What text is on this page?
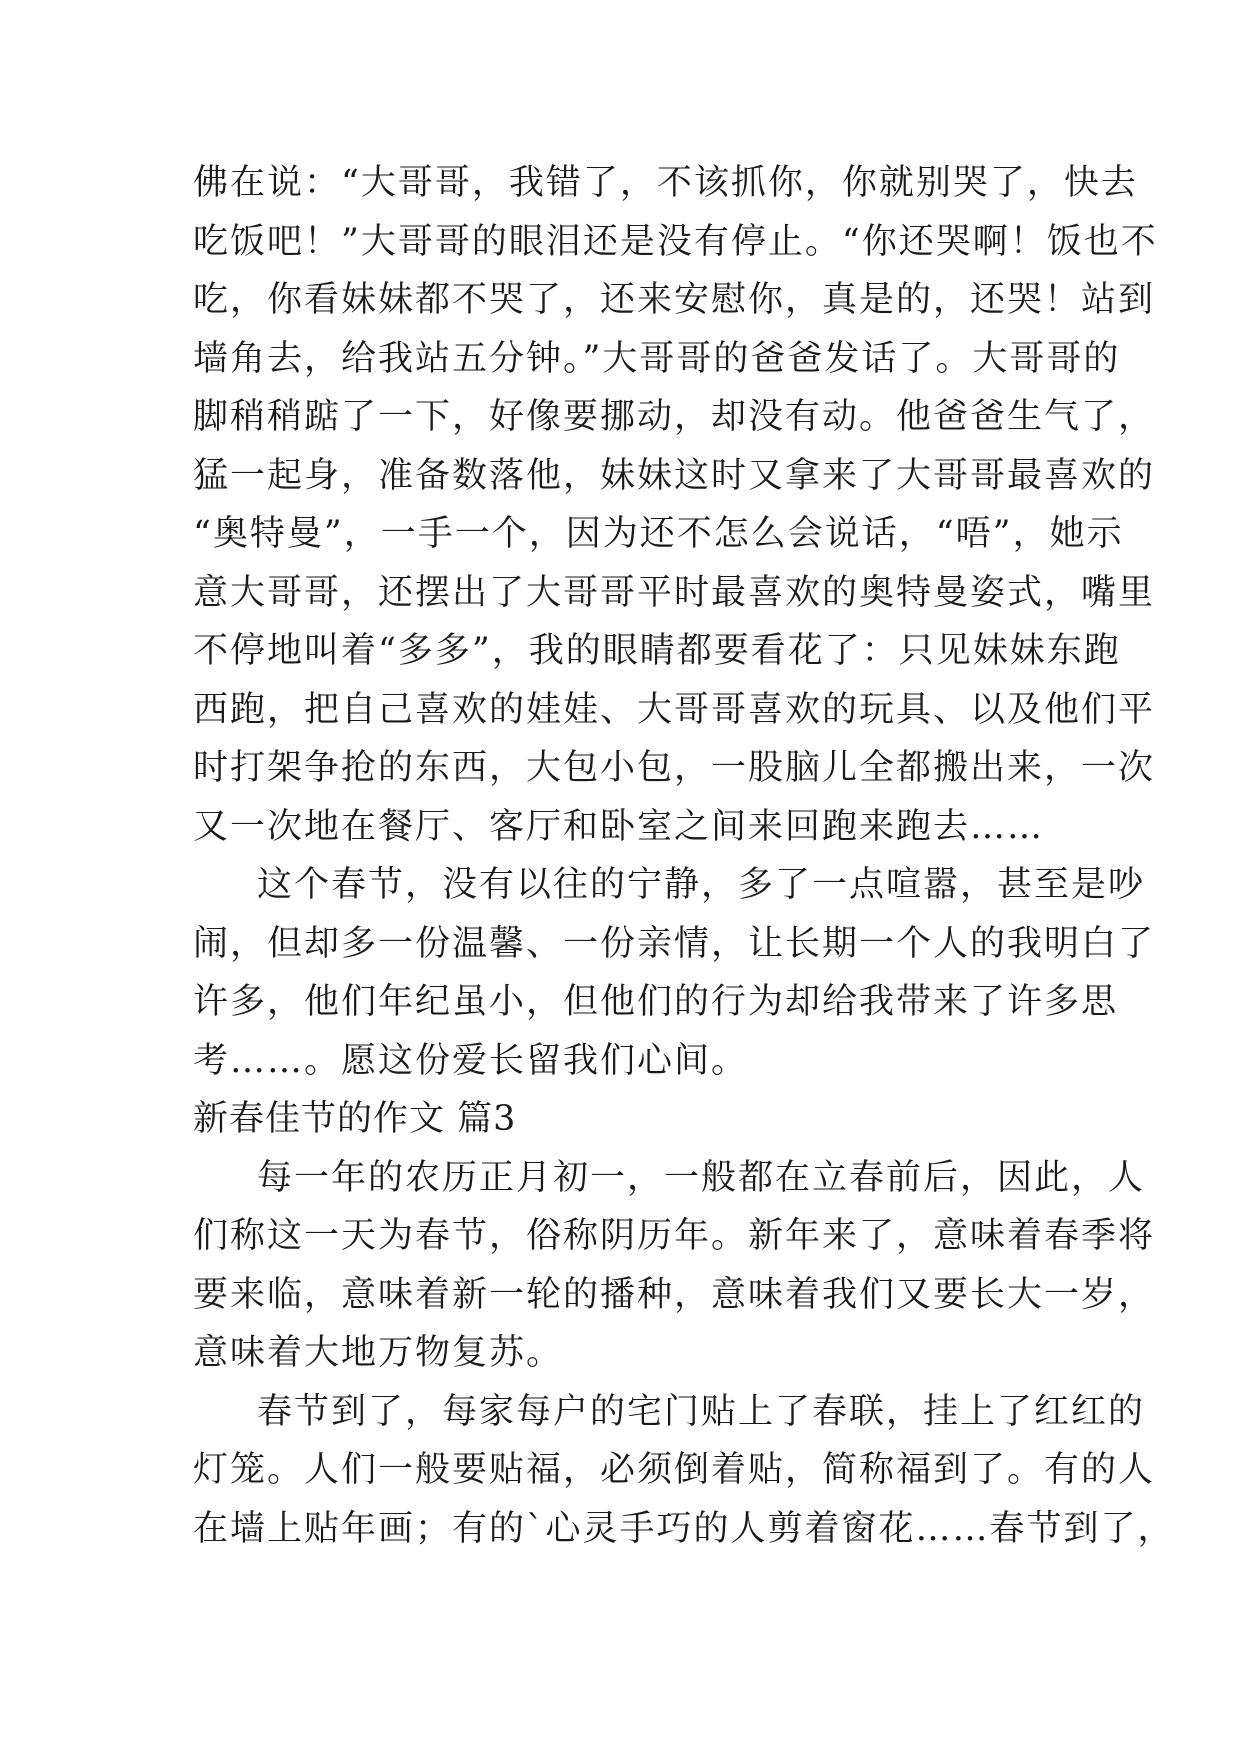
佛在说：“大哥哥，我错了，不该抓你，你就别哭了，快去
吃饭吧！”大哥哥的眼泪还是没有停止。“你还哭啊！饭也不
吃，你看妹妹都不哭了，还来安慰你，真是的，还哭！站到
墙角去，给我站五分钟。”大哥哥的爸爸发话了。大哥哥的
脚稍稍踮了一下，好像要挪动，却没有动。他爸爸生气了，
猛一起身，准备数落他，妹妹这时又拿来了大哥哥最喜欢的
“奥特曼”，一手一个，因为还不怎么会说话，“唔”，她示
意大哥哥，还摆出了大哥哥平时最喜欢的奥特曼姿式，嘴里
不停地叫着“多多”，我的眼睛都要看花了：只见妹妹东跑
西跑，把自己喜欢的娃娃、大哥哥喜欢的玩具、以及他们平
时打架争抢的东西，大包小包，一股脑儿全都搬出来，一次
又一次地在餐厅、客厅和卧室之间来回跑来跑去……
这个春节，没有以往的宁静，多了一点喧嚣，甚至是吵
闹，但却多一份温馨、一份亲情，让长期一个人的我明白了
许多，他们年纪虽小，但他们的行为却给我带来了许多思
考……。愿这份爱长留我们心间。
新春佳节的作文 篇3
每一年的农历正月初一，一般都在立春前后，因此，人
们称这一天为春节，俗称阴历年。新年来了，意味着春季将
要来临，意味着新一轮的播种，意味着我们又要长大一岁，
意味着大地万物复苏。
春节到了，每家每户的宅门贴上了春联，挂上了红红的
灯笼。人们一般要贴福，必须倒着贴，简称福到了。有的人
在墙上贴年画；有的`心灵手巧的人剪着窗花……春节到了，
